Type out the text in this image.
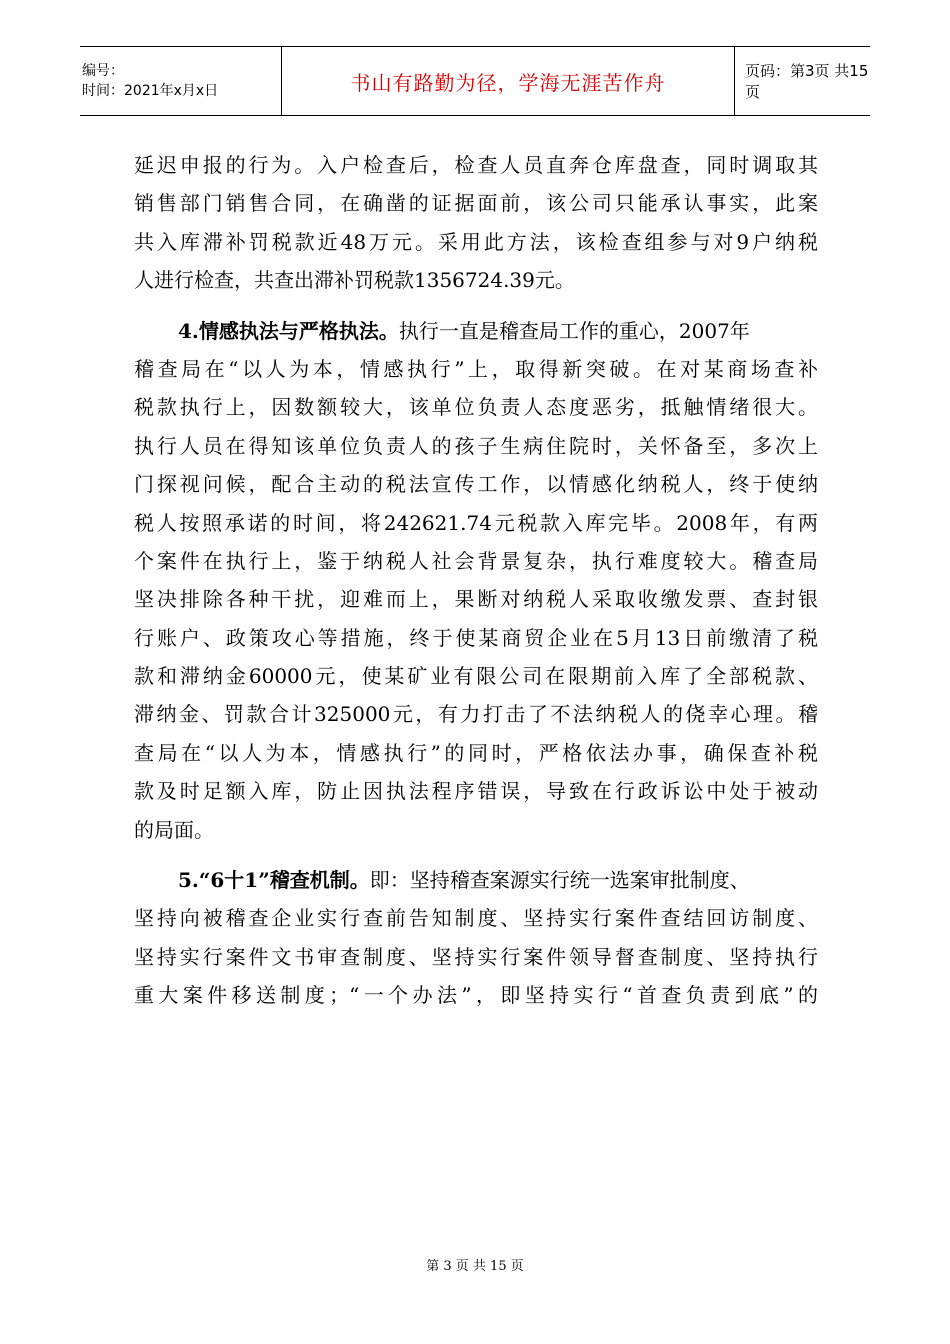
编号：
时间：2021年x月x日	书山有路勤为径，学海无涯苦作舟	页码：第3页 共15页
延迟申报的行为。入户检查后，检查人员直奔仓库盘查，同时调取其
销售部门销售合同，在确凿的证据面前，该公司只能承认事实，此案
共入库滞补罚税款近48万元。采用此方法，该检查组参与对9户纳税
人进行检查，共查出滞补罚税款1356724.39元。
4.情感执法与严格执法。执行一直是稽查局工作的重心，2007年
稽查局在“以人为本，情感执行”上，取得新突破。在对某商场查补
税款执行上，因数额较大，该单位负责人态度恶劣，抵触情绪很大。
执行人员在得知该单位负责人的孩子生病住院时，关怀备至，多次上
门探视问候，配合主动的税法宣传工作，以情感化纳税人，终于使纳
税人按照承诺的时间，将242621.74元税款入库完毕。2008年，有两
个案件在执行上，鉴于纳税人社会背景复杂，执行难度较大。稽查局
坚决排除各种干扰，迎难而上，果断对纳税人采取收缴发票、查封银
行账户、政策攻心等措施，终于使某商贸企业在5月13日前缴清了税
款和滞纳金60000元，使某矿业有限公司在限期前入库了全部税款、
滞纳金、罚款合计325000元，有力打击了不法纳税人的侥幸心理。稽
查局在“以人为本，情感执行”的同时，严格依法办事，确保查补税
款及时足额入库，防止因执法程序错误，导致在行政诉讼中处于被动
的局面。
5.“6十1”稽查机制。即：坚持稽查案源实行统一选案审批制度、
坚持向被稽查企业实行查前告知制度、坚持实行案件查结回访制度、
坚持实行案件文书审查制度、坚持实行案件领导督查制度、坚持执行
重大案件移送制度；“一个办法”，即坚持实行“首查负责到底”的
第 3 页 共 15 页
